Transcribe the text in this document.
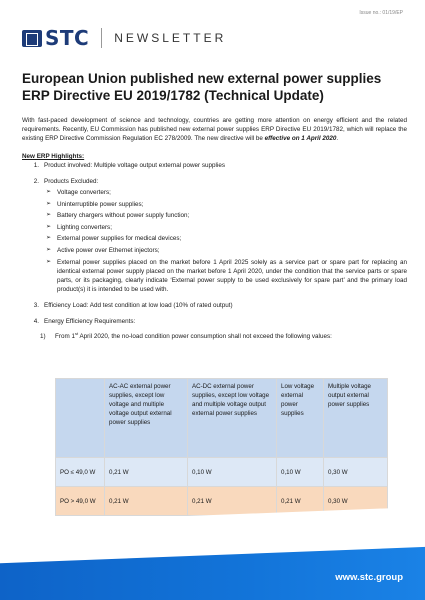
Issue no.: 01/19/EP
STC NEWSLETTER
European Union published new external power supplies ERP Directive EU 2019/1782 (Technical Update)

With fast-paced development of science and technology, countries are getting more attention on energy efficient and the related requirements. Recently, EU Commission has published new external power supplies ERP Directive EU 2019/1782, which will replace the existing ERP Directive Commission Regulation EC 278/2009. The new directive will be effective on 1 April 2020.

New ERP Highlights:

1. Product involved: Multiple voltage output external power supplies
2. Products Excluded:
➢ Voltage converters;
➢ Uninterruptible power supplies;
➢ Battery chargers without power supply function;
➢ Lighting converters;
➢ External power supplies for medical devices;
➢ Active power over Ethernet injectors;
➢ External power supplies placed on the market before 1 April 2025 solely as a service part or spare part for replacing an identical external power supply placed on the market before 1 April 2020, under the condition that the service parts or spare parts, or its packaging, clearly indicate ‘External power supply to be used exclusively for spare part’ and the primary load product(s) it is intended to be used with.
3. Efficiency Load: Add test condition at low load (10% of rated output)
4. Energy Efficiency Requirements:
1)	From 1st April 2020, the no-load condition power consumption shall not exceed the following values:
	AC-AC external power supplies, except low voltage and multiple voltage output external power supplies	AC-DC external power supplies, except low voltage and multiple voltage output external power supplies	Low voltage external power supplies	Multiple voltage output external power supplies
PO ≤ 49,0 W	0,21 W	0,10 W	0,10 W	0,30 W
PO > 49,0 W	0,21 W	0,21 W	0,21 W	0,30 W
www.stc.group
